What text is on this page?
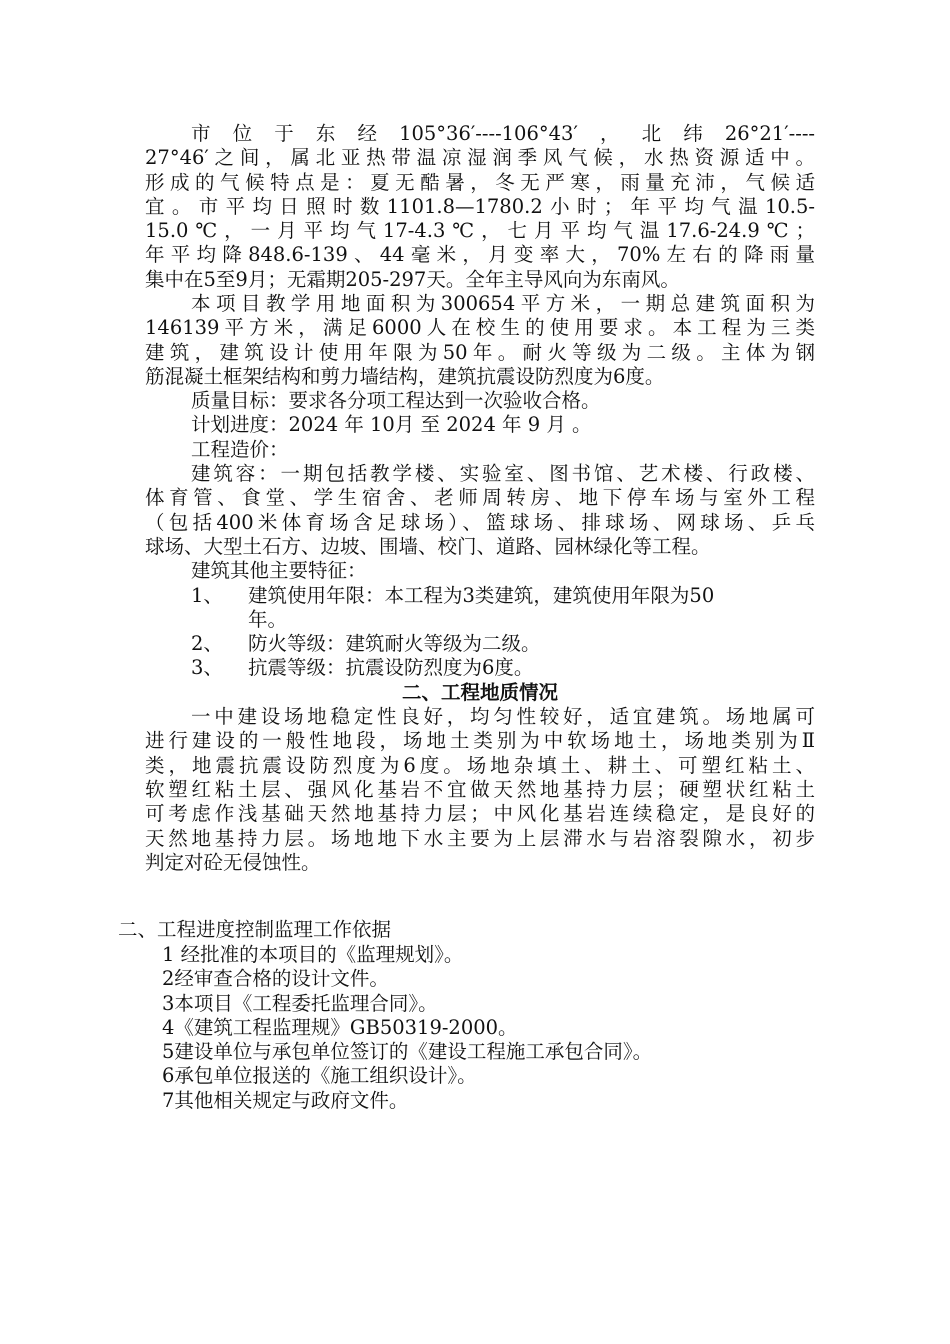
市位于东经105°36′----106°43′，北纬26°21′----
27°46′之间，属北亚热带温凉湿润季风气候，水热资源适中。
形成的气候特点是：夏无酷暑，冬无严寒，雨量充沛，气候适
宜。市平均日照时数1101.8—1780.2小时；年平均气温10.5-
15.0℃，一月平均气17-4.3℃，七月平均气温17.6-24.9℃；
年平均降848.6-139、44毫米，月变率大，70%左右的降雨量
集中在5至9月；无霜期205-297天。全年主导风向为东南风。
本项目教学用地面积为300654平方米，一期总建筑面积为
146139平方米，满足6000人在校生的使用要求。本工程为三类
建筑，建筑设计使用年限为50年。耐火等级为二级。主体为钢
筋混凝土框架结构和剪力墙结构，建筑抗震设防烈度为6度。
质量目标：要求各分项工程达到一次验收合格。
计划进度：2024 年 10月 至 2024 年 9 月 。
工程造价：
建筑容：一期包括教学楼、实验室、图书馆、艺术楼、行政楼、
体育管、食堂、学生宿舍、老师周转房、地下停车场与室外工程
（包括400米体育场含足球场）、篮球场、排球场、网球场、乒乓
球场、大型土石方、边坡、围墙、校门、道路、园林绿化等工程。
建筑其他主要特征：
1、 建筑使用年限：本工程为3类建筑，建筑使用年限为50
年。
2、 防火等级：建筑耐火等级为二级。
3、 抗震等级：抗震设防烈度为6度。
二、工程地质情况
一中建设场地稳定性良好，均匀性较好，适宜建筑。场地属可
进行建设的一般性地段，场地土类别为中软场地土，场地类别为Ⅱ
类，地震抗震设防烈度为6度。场地杂填土、耕土、可塑红粘土、
软塑红粘土层、强风化基岩不宜做天然地基持力层；硬塑状红粘土
可考虑作浅基础天然地基持力层；中风化基岩连续稳定，是良好的
天然地基持力层。场地地下水主要为上层滞水与岩溶裂隙水，初步
判定对砼无侵蚀性。
二、工程进度控制监理工作依据
1 经批准的本项目的《监理规划》。
2经审查合格的设计文件。
3本项目《工程委托监理合同》。
4《建筑工程监理规》GB50319-2000。
5建设单位与承包单位签订的《建设工程施工承包合同》。
6承包单位报送的《施工组织设计》。
7其他相关规定与政府文件。
